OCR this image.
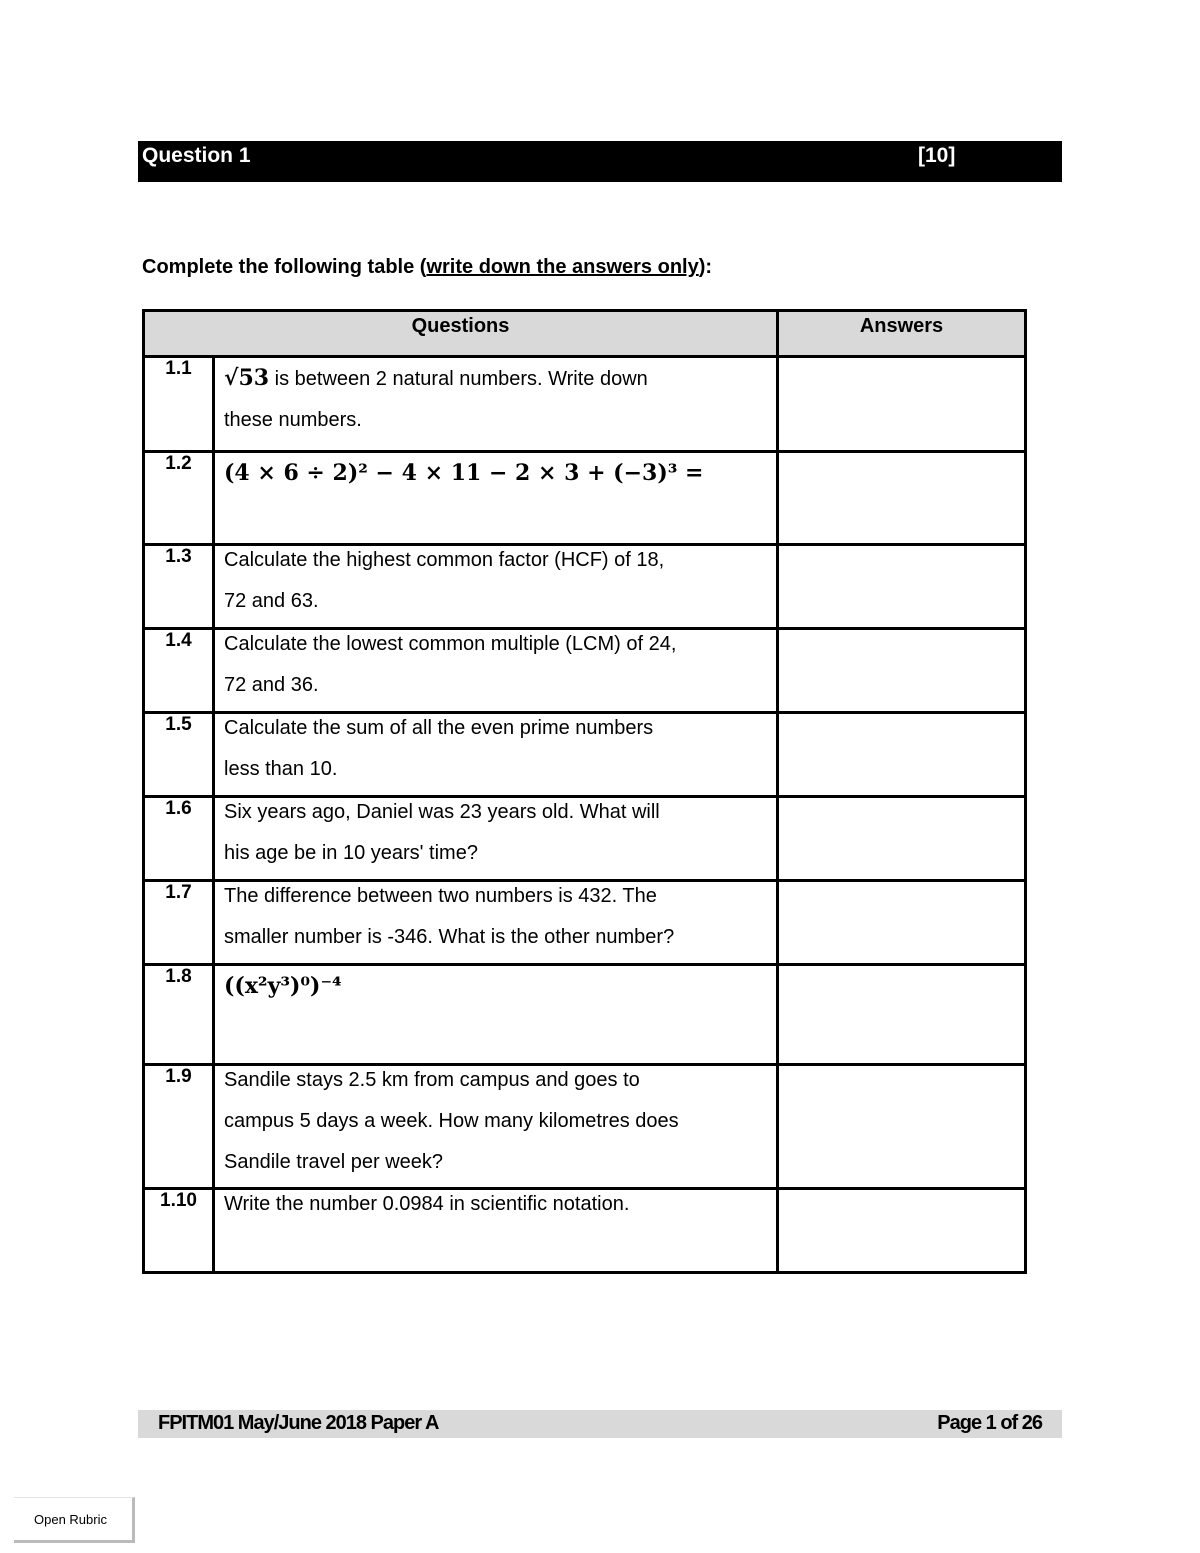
Question 1	[10]
Complete the following table (write down the answers only):
Questions		Answers
1.1	√53 is between 2 natural numbers. Write down
these numbers.	

1.2	(4 × 6 ÷ 2)² − 4 × 11 − 2 × 3 + (−3)³ =	

1.3	Calculate the highest common factor (HCF) of 18,
72 and 63.	

1.4	Calculate the lowest common multiple (LCM) of 24,
72 and 36.	

1.5	Calculate the sum of all the even prime numbers
less than 10.	

1.6	Six years ago, Daniel was 23 years old. What will
his age be in 10 years' time?	

1.7	The difference between two numbers is 432. The
smaller number is -346. What is the other number?	

1.8	((x²y³)⁰)⁻⁴	

1.9	Sandile stays 2.5 km from campus and goes to
campus 5 days a week. How many kilometres does
Sandile travel per week?	

1.10	Write the number 0.0984 in scientific notation.	

FPITM01 May/June 2018 Paper A	Page 1 of 26
Open Rubric
